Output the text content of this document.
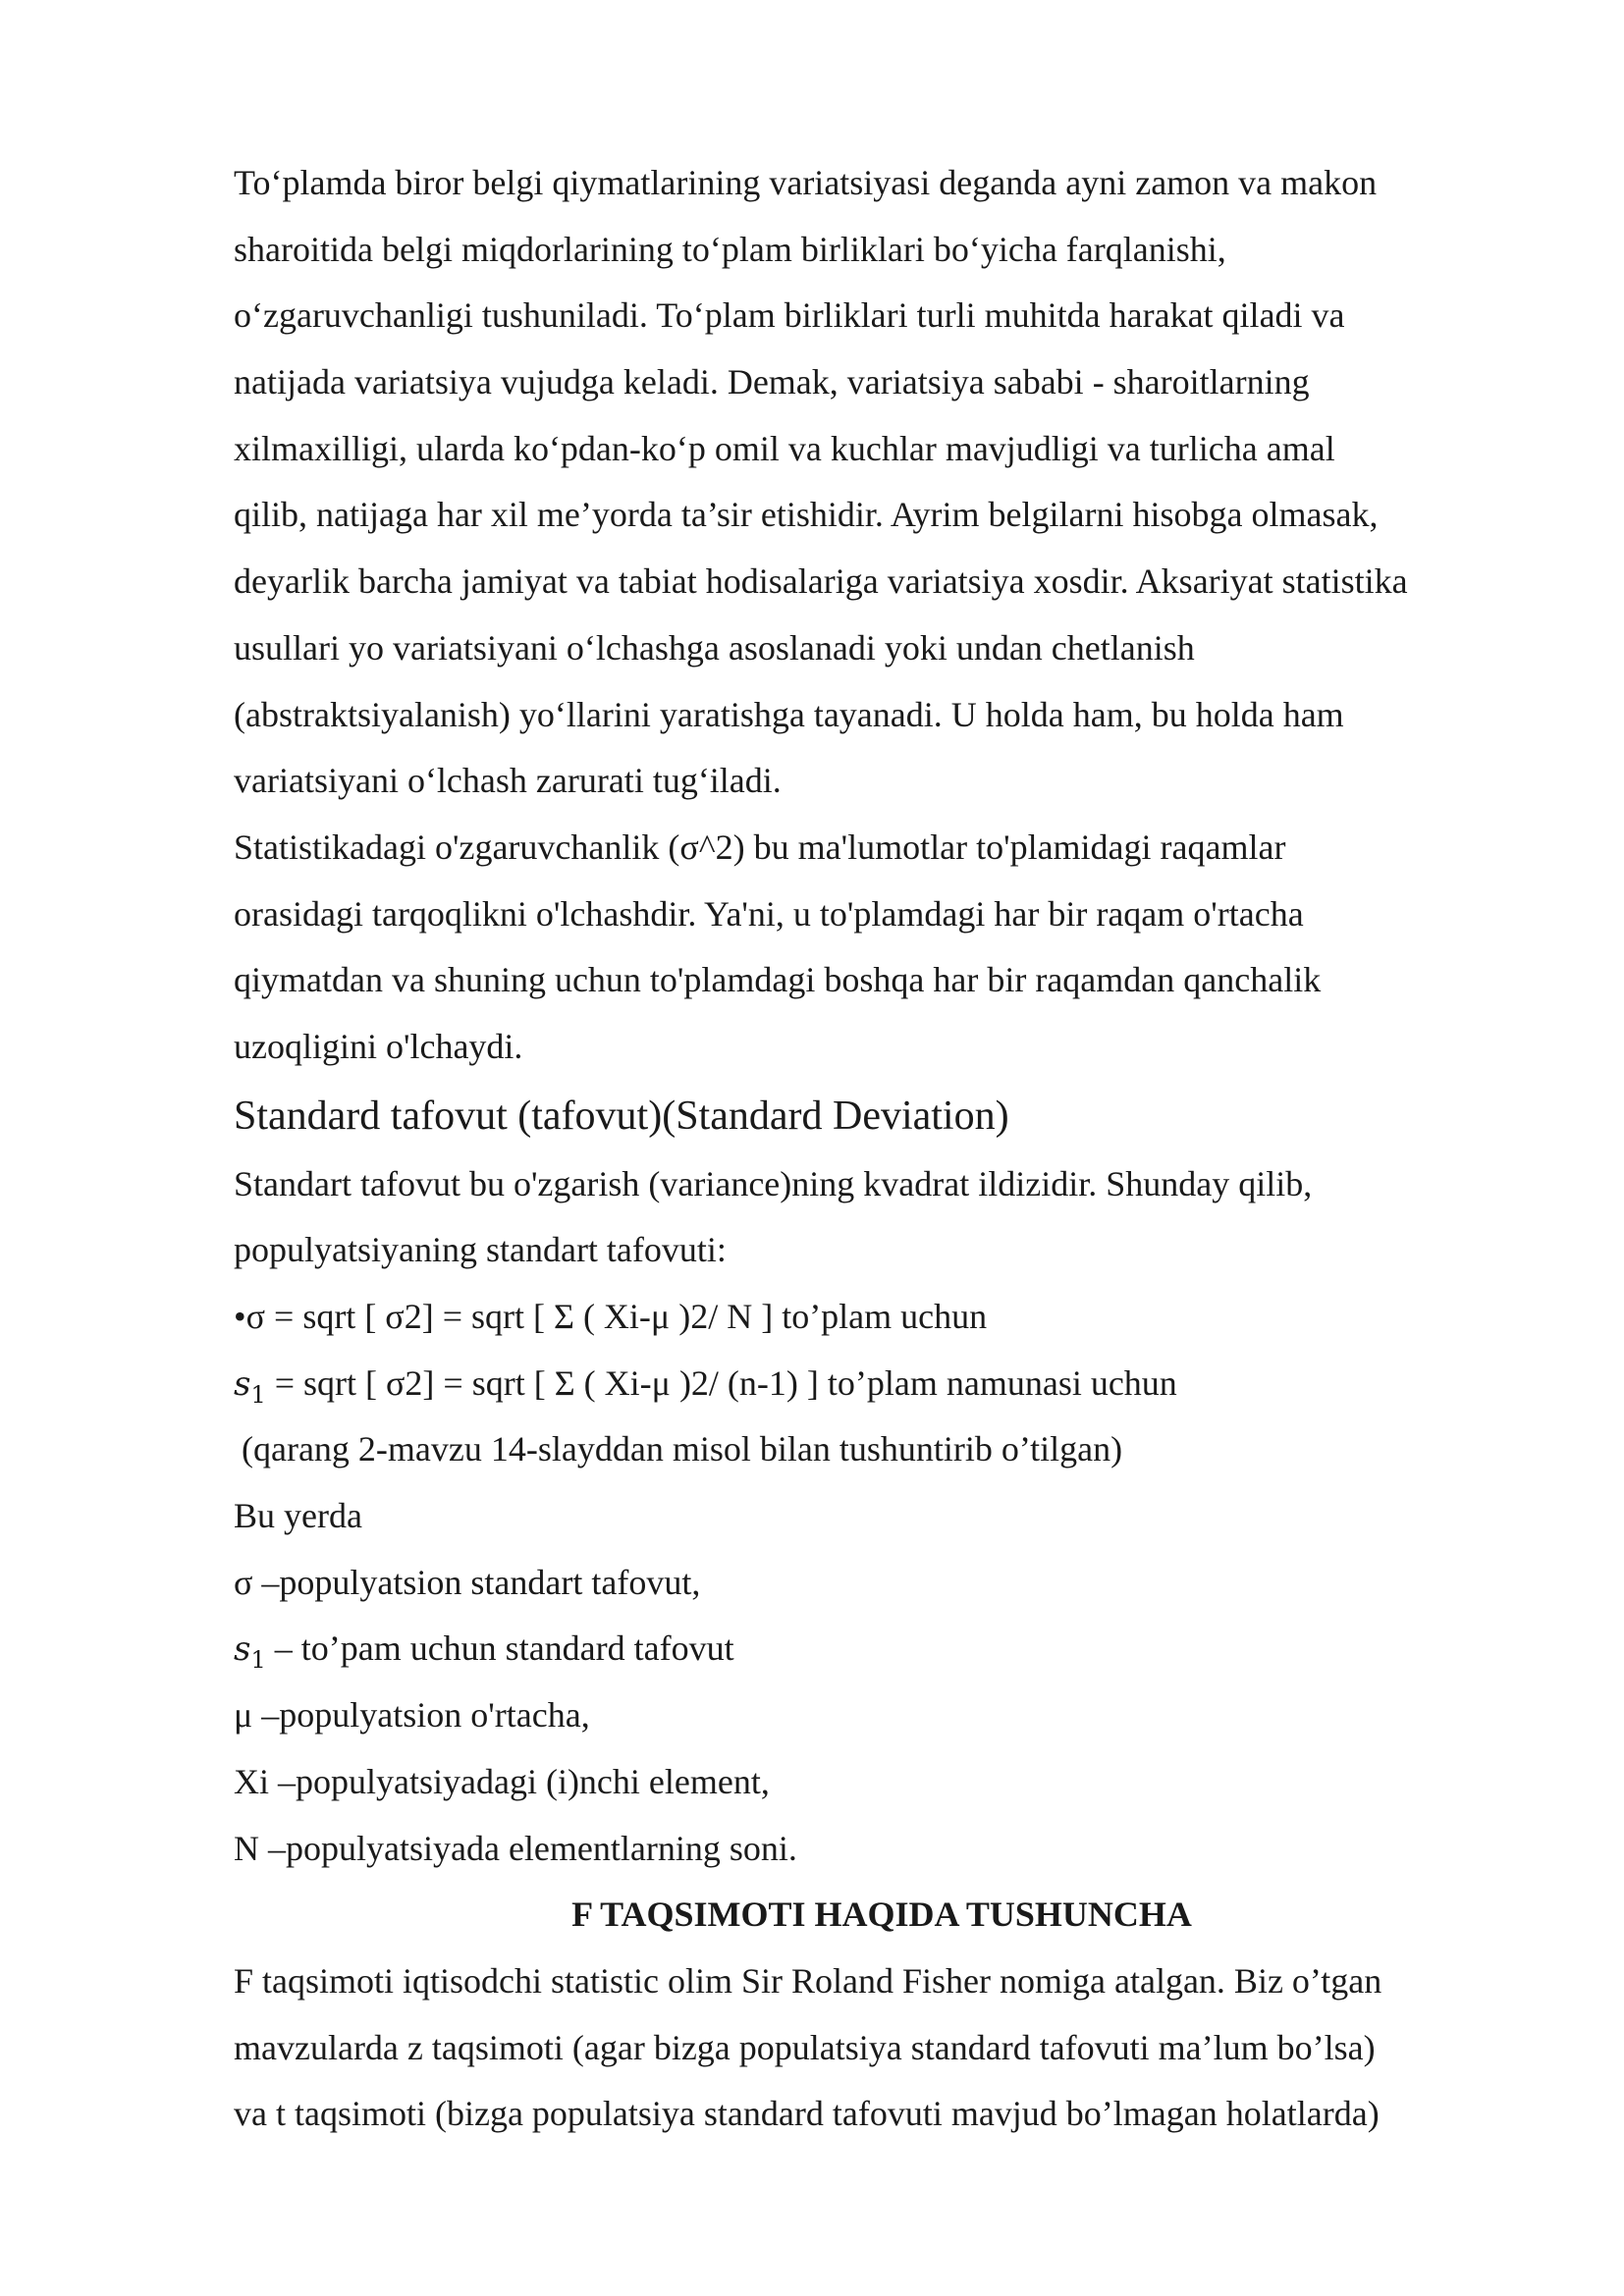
To‘plamda biror belgi qiymatlarining variatsiyasi deganda ayni zamon va makon
sharoitida belgi miqdorlarining to‘plam birliklari bo‘yicha farqlanishi,
o‘zgaruvchanligi tushuniladi. To‘plam birliklari turli muhitda harakat qiladi va
natijada variatsiya vujudga keladi. Demak, variatsiya sababi - sharoitlarning
xilmaxilligi, ularda ko‘pdan-ko‘p omil va kuchlar mavjudligi va turlicha amal
qilib, natijaga har xil me’yorda ta’sir etishidir. Ayrim belgilarni hisobga olmasak,
deyarlik barcha jamiyat va tabiat hodisalariga variatsiya xosdir. Aksariyat statistika
usullari yo variatsiyani o‘lchashga asoslanadi yoki undan chetlanish
(abstraktsiyalanish) yo‘llarini yaratishga tayanadi. U holda ham, bu holda ham
variatsiyani o‘lchash zarurati tug‘iladi.
Statistikadagi o'zgaruvchanlik (σ^2) bu ma'lumotlar to'plamidagi raqamlar
orasidagi tarqoqlikni o'lchashdir. Ya'ni, u to'plamdagi har bir raqam o'rtacha
qiymatdan va shuning uchun to'plamdagi boshqa har bir raqamdan qanchalik
uzoqligini o'lchaydi.
Standard tafovut (tafovut)(Standard Deviation)
Standart tafovut bu o'zgarish (variance)ning kvadrat ildizidir. Shunday qilib,
populyatsiyaning standart tafovuti:
•σ = sqrt [ σ2] = sqrt [ Σ ( Xi-μ )2/ N ] to’plam uchun
$s_1$ = sqrt [ σ2] = sqrt [ Σ ( Xi-μ )2/ (n-1) ] to’plam namunasi uchun
(qarang 2-mavzu 14-slayddan misol bilan tushuntirib o’tilgan)
Bu yerda
σ –populyatsion standart tafovut,
$s_1$ – to’pam uchun standard tafovut
μ –populyatsion o'rtacha,
Xi –populyatsiyadagi (i)nchi element,
N –populyatsiyada elementlarning soni.
F TAQSIMOTI HAQIDA TUSHUNCHA
F taqsimoti iqtisodchi statistic olim Sir Roland Fisher nomiga atalgan. Biz o’tgan
mavzularda z taqsimoti (agar bizga populatsiya standard tafovuti ma’lum bo’lsa)
va t taqsimoti (bizga populatsiya standard tafovuti mavjud bo’lmagan holatlarda)
